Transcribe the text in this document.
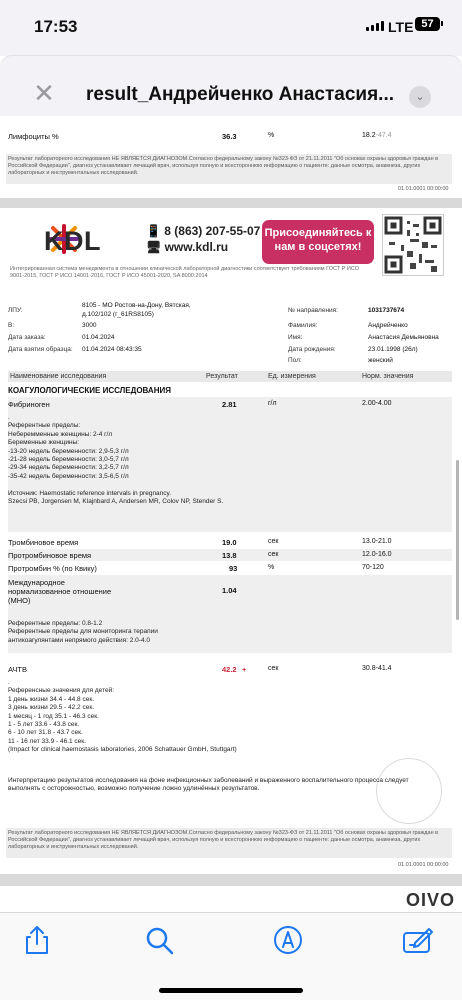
17:53	LTE 57
✕ result_Андрейченко Анастасия...	⌄
Лимфоциты %	36.3	%	18.2-47.4
Результат лабораторного исследования НЕ ЯВЛЯЕТСЯ ДИАГНОЗОМ.Согласно федеральному закону №323-ФЗ от 21.11.2011 "Об основах охраны здоровья граждан в Российской Федерации", диагноз устанавливает лечащий врач, используя полную и всестороннюю информацию о пациенте: данные осмотра, анамнеза, других лабораторных и инструментальных исследований.
01.01.0001 00:00:00
KDL	📱 8 (863) 207-55-07
🖥 www.kdl.ru
Присоединяйтесь к нам в соцсетях!
Интегрированная система менеджмента в отношении клинической лабораторной диагностики соответствует требованиям ГОСТ Р ИСО 9001-2015, ГОСТ Р ИСО 14001-2016, ГОСТ Р ИСО 45001-2020, SA 8000:2014
ЛПУ:
8105 - МО Ростов-на-Дону, Вятская, д.102/102 (г_61RS8105)
В:	3000
Дата заказа:	01.04.2024
Дата взятия образца: 01.04.2024 08:43:35
№ направления:	1031737674
Фамилия:	Андрейченко
Имя:	Анастасия Демьяновна
Дата рождения:	23.01.1998 (26л)
Пол:	женский
Наименование исследования	Результат	Ед. измерения	Норм. значения
КОАГУЛОЛОГИЧЕСКИЕ ИССЛЕДОВАНИЯ
Фибриноген	2.81	г/л	2.00-4.00
.
Референтные пределы:
Неберемменные женщины: 2-4 г/л
Беременные женщины:
-13-20 недель беременности: 2,9-5,3 г/л
-21-28 недель беременности: 3,0-5,7 г/л
-29-34 недель беременности: 3,2-5,7 г/л
-35-42 недель беременности: 3,5-6,5 г/л

Источник: Haemostatic reference intervals in pregnancy.
Szecsi PB, Jorgensen M, Klajnbard A, Andersen MR, Colov NP, Stender S.
Тромбиновое время	19.0	сек	13.0-21.0
Протромбиновое время	13.8	сек	12.0-16.0
Протромбин % (по Квику)	93	%	70-120
Международное
нормализованное отношение
(МНО)
1.04
Референтные пределы: 0.8-1.2
Референтные пределы для мониторинга терапии
антикоагулянтами непрямого действия: 2.0-4.0
АЧТВ	42.2 +	сек	30.8-41.4
.
Референсные значения для детей:
1 день жизни 34.4 - 44.8 сек.
3 день жизни 29.5 - 42.2 сек.
1 месяц - 1 год 35.1 - 46.3 сек.
1 - 5 лет 33.6 - 43.8 сек.
6 - 10 лет 31.8 - 43.7 сек.
11 - 16 лет 33.9 - 46.1 сек.
(Impact for clinical haemostasis laboratories, 2006 Schattauer GmbH, Stuttgart)
Интерпретацию результатов исследования на фоне инфекционных заболеваний и выраженного воспалительного процесса следует выполнять с осторожностью, возможно получение ложно удлинённых результатов.
Результат лабораторного исследования НЕ ЯВЛЯЕТСЯ ДИАГНОЗОМ.Согласно федеральному закону №323-ФЗ от 21.11.2011 "Об основах охраны здоровья граждан в Российской Федерации", диагноз устанавливает лечащий врач, используя полную и всестороннюю информацию о пациенте: данные осмотра, анамнеза, других лабораторных и инструментальных исследований.
01.01.0001 00:00:00
OIVO
